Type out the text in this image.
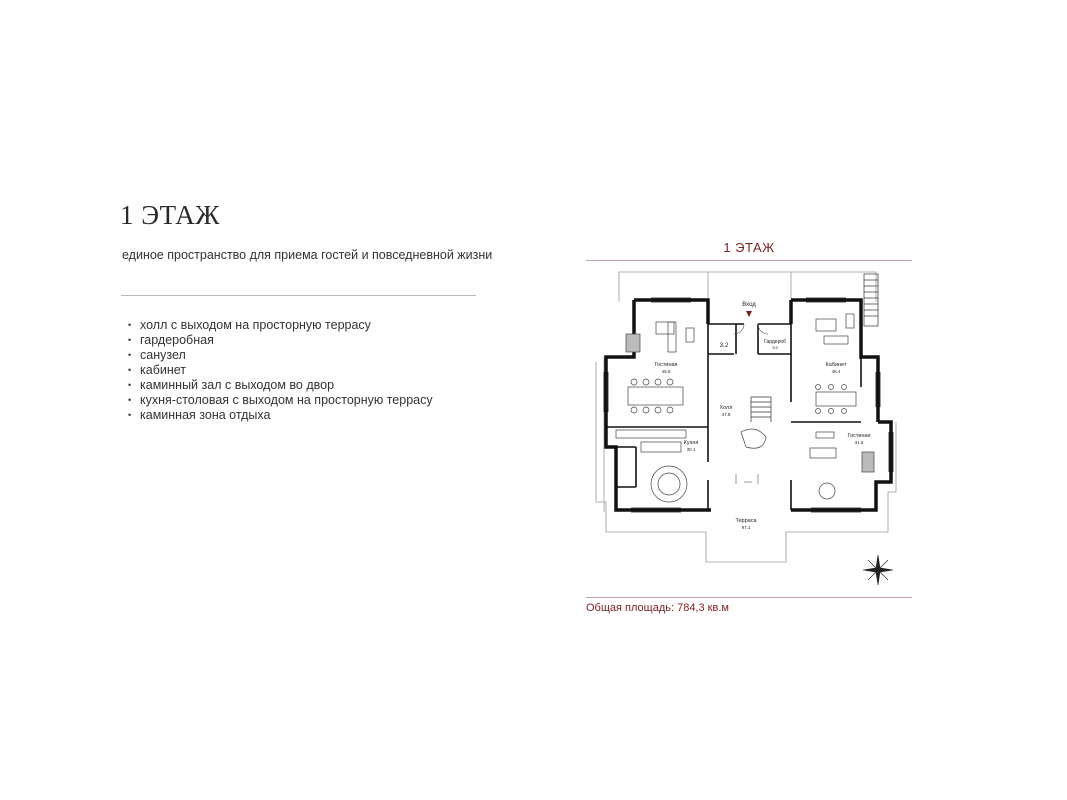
1 ЭТАЖ
единое пространство для приема гостей и повседневной жизни
• холл с выходом на просторную террасу
• гардеробная
• санузел
• кабинет
• каминный зал с выходом во двор
• кухня-столовая с выходом на просторную террасу
• каминная зона отдыха
1 ЭТАЖ
Вход
Гостиная
45.6
Кабинет
48.4
Холл
47.8
Гардероб
3.5
3.2
Кухня
30.1
Гостиная
31.6
Терраса
97.1
Общая площадь: 784,3 кв.м
